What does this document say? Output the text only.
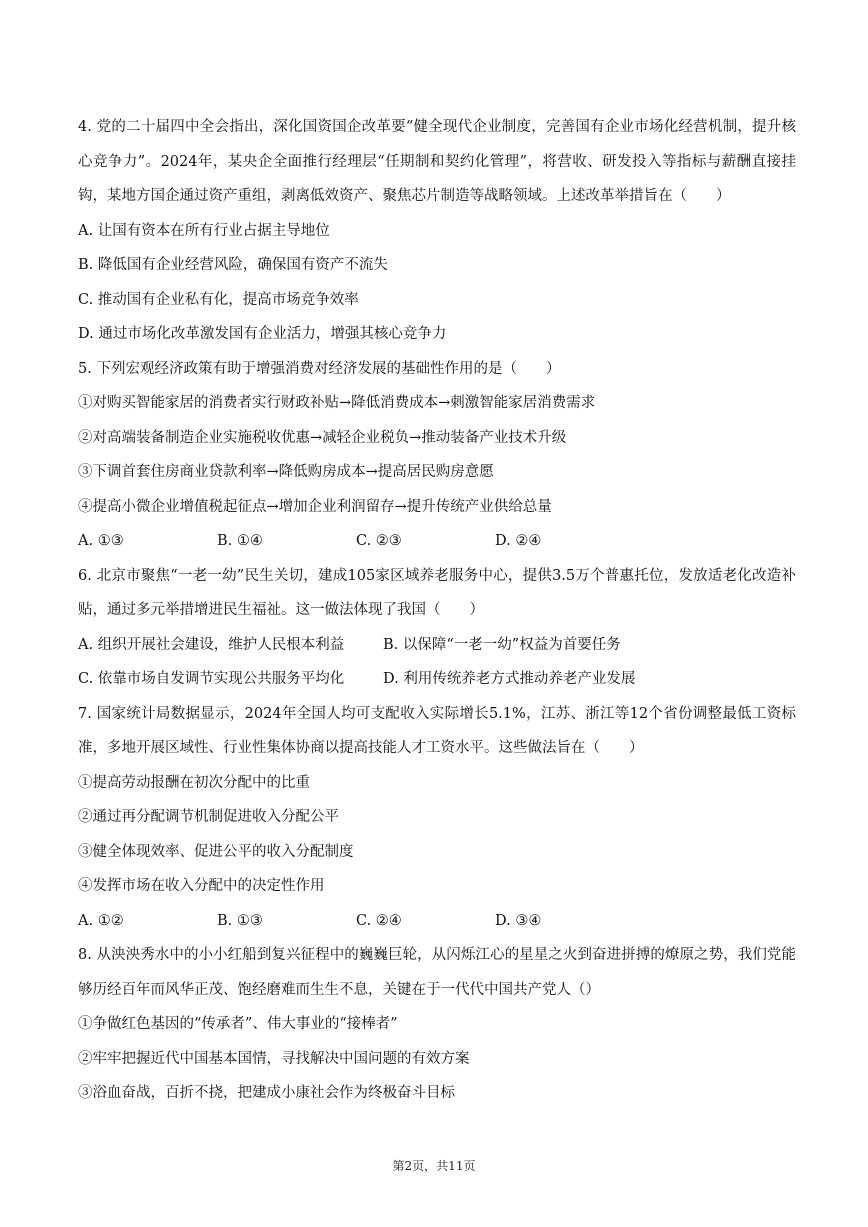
4. 党的二十届四中全会指出，深化国资国企改革要“健全现代企业制度，完善国有企业市场化经营机制，提升核心竞争力”。2024年，某央企全面推行经理层“任期制和契约化管理”，将营收、研发投入等指标与薪酬直接挂钩，某地方国企通过资产重组，剥离低效资产、聚焦芯片制造等战略领域。上述改革举措旨在（　　）
A. 让国有资本在所有行业占据主导地位
B. 降低国有企业经营风险，确保国有资产不流失
C. 推动国有企业私有化，提高市场竞争效率
D. 通过市场化改革激发国有企业活力，增强其核心竞争力
5. 下列宏观经济政策有助于增强消费对经济发展的基础性作用的是（　　）
①对购买智能家居的消费者实行财政补贴→降低消费成本→刺激智能家居消费需求
②对高端装备制造企业实施税收优惠→减轻企业税负→推动装备产业技术升级
③下调首套住房商业贷款利率→降低购房成本→提高居民购房意愿
④提高小微企业增值税起征点→增加企业利润留存→提升传统产业供给总量
A. ①③	B. ①④	C. ②③	D. ②④
6. 北京市聚焦“一老一幼”民生关切，建成105家区域养老服务中心，提供3.5万个普惠托位，发放适老化改造补贴，通过多元举措增进民生福祉。这一做法体现了我国（　　）
A. 组织开展社会建设，维护人民根本利益	B. 以保障“一老一幼”权益为首要任务
C. 依靠市场自发调节实现公共服务平均化	D. 利用传统养老方式推动养老产业发展
7. 国家统计局数据显示，2024年全国人均可支配收入实际增长5.1%，江苏、浙江等12个省份调整最低工资标准，多地开展区域性、行业性集体协商以提高技能人才工资水平。这些做法旨在（　　）
①提高劳动报酬在初次分配中的比重
②通过再分配调节机制促进收入分配公平
③健全体现效率、促进公平的收入分配制度
④发挥市场在收入分配中的决定性作用
A. ①②	B. ①③	C. ②④	D. ③④
8. 从泱泱秀水中的小小红船到复兴征程中的巍巍巨轮，从闪烁江心的星星之火到奋进拼搏的燎原之势，我们党能够历经百年而风华正茂、饱经磨难而生生不息，关键在于一代代中国共产党人（）
①争做红色基因的“传承者”、伟大事业的“接棒者”
②牢牢把握近代中国基本国情，寻找解决中国问题的有效方案
③浴血奋战，百折不挠，把建成小康社会作为终极奋斗目标
第2页，共11页
